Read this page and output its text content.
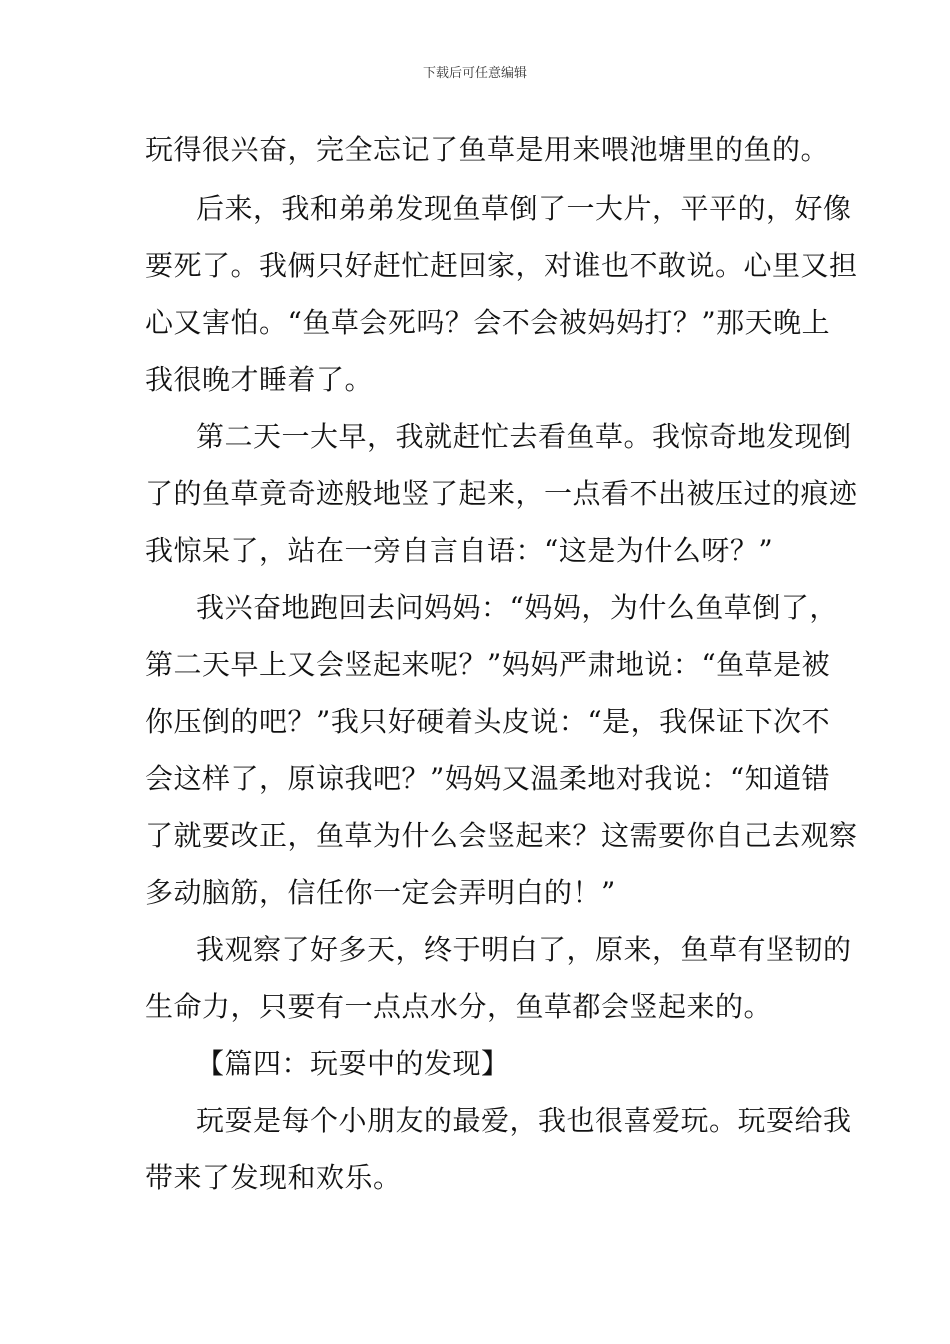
下载后可任意编辑
玩得很兴奋，完全忘记了鱼草是用来喂池塘里的鱼的。
后来，我和弟弟发现鱼草倒了一大片，平平的，好像
要死了。我俩只好赶忙赶回家，对谁也不敢说。心里又担
心又害怕。“鱼草会死吗？会不会被妈妈打？”那天晚上
我很晚才睡着了。
第二天一大早，我就赶忙去看鱼草。我惊奇地发现倒
了的鱼草竟奇迹般地竖了起来，一点看不出被压过的痕迹
我惊呆了，站在一旁自言自语：“这是为什么呀？”
我兴奋地跑回去问妈妈：“妈妈，为什么鱼草倒了，
第二天早上又会竖起来呢？”妈妈严肃地说：“鱼草是被
你压倒的吧？”我只好硬着头皮说：“是，我保证下次不
会这样了，原谅我吧？”妈妈又温柔地对我说：“知道错
了就要改正，鱼草为什么会竖起来？这需要你自己去观察
多动脑筋，信任你一定会弄明白的！”
我观察了好多天，终于明白了，原来，鱼草有坚韧的
生命力，只要有一点点水分，鱼草都会竖起来的。
【篇四：玩耍中的发现】
玩耍是每个小朋友的最爱，我也很喜爱玩。玩耍给我
带来了发现和欢乐。
